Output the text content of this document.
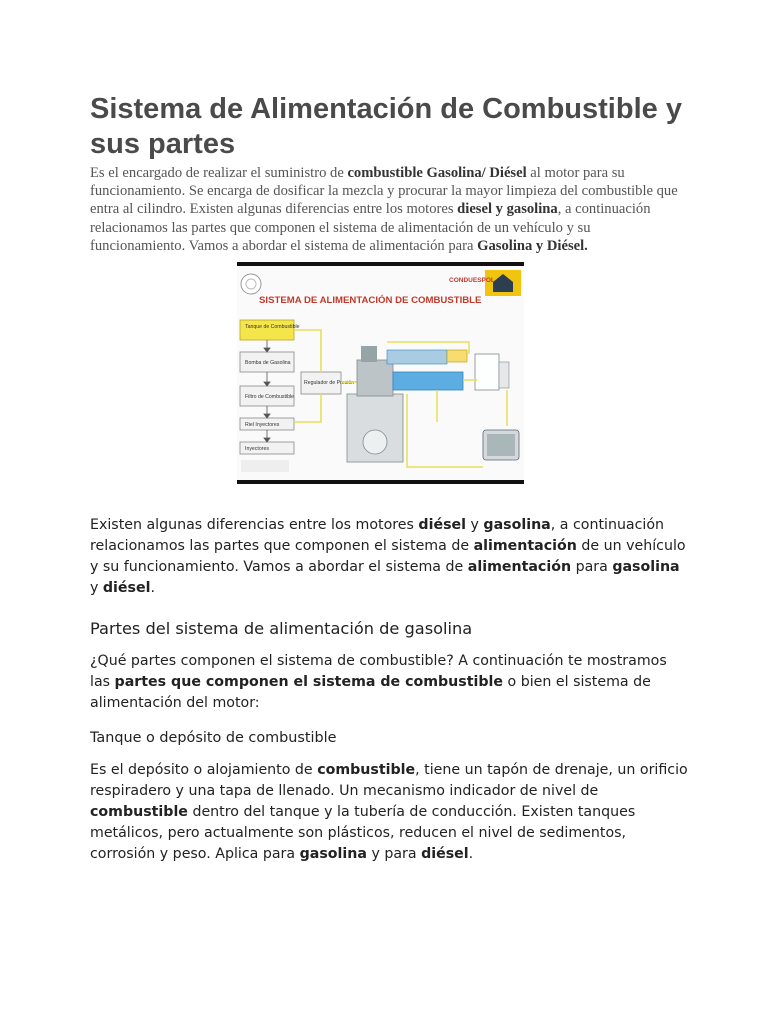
Sistema de Alimentación de Combustible y sus partes

Es el encargado de realizar el suministro de combustible Gasolina/ Diésel al motor para su funcionamiento. Se encarga de dosificar la mezcla y procurar la mayor limpieza del combustible que entra al cilindro. Existen algunas diferencias entre los motores diesel y gasolina, a continuación relacionamos las partes que componen el sistema de alimentación de un vehículo y su funcionamiento. Vamos a abordar el sistema de alimentación para Gasolina y Diésel.

CONDUESPOL
SISTEMA DE ALIMENTACIÓN DE COMBUSTIBLE
Tanque de Combustible
Bomba de Gasolina
Filtro de Combustible
Riel Inyectores
Inyectores
Regulador de Presión

Existen algunas diferencias entre los motores diésel y gasolina, a continuación relacionamos las partes que componen el sistema de alimentación de un vehículo y su funcionamiento. Vamos a abordar el sistema de alimentación para gasolina y diésel.

Partes del sistema de alimentación de gasolina

¿Qué partes componen el sistema de combustible? A continuación te mostramos las partes que componen el sistema de combustible o bien el sistema de alimentación del motor:

Tanque o depósito de combustible

Es el depósito o alojamiento de combustible, tiene un tapón de drenaje, un orificio respiradero y una tapa de llenado. Un mecanismo indicador de nivel de combustible dentro del tanque y la tubería de conducción. Existen tanques metálicos, pero actualmente son plásticos, reducen el nivel de sedimentos, corrosión y peso. Aplica para gasolina y para diésel.
